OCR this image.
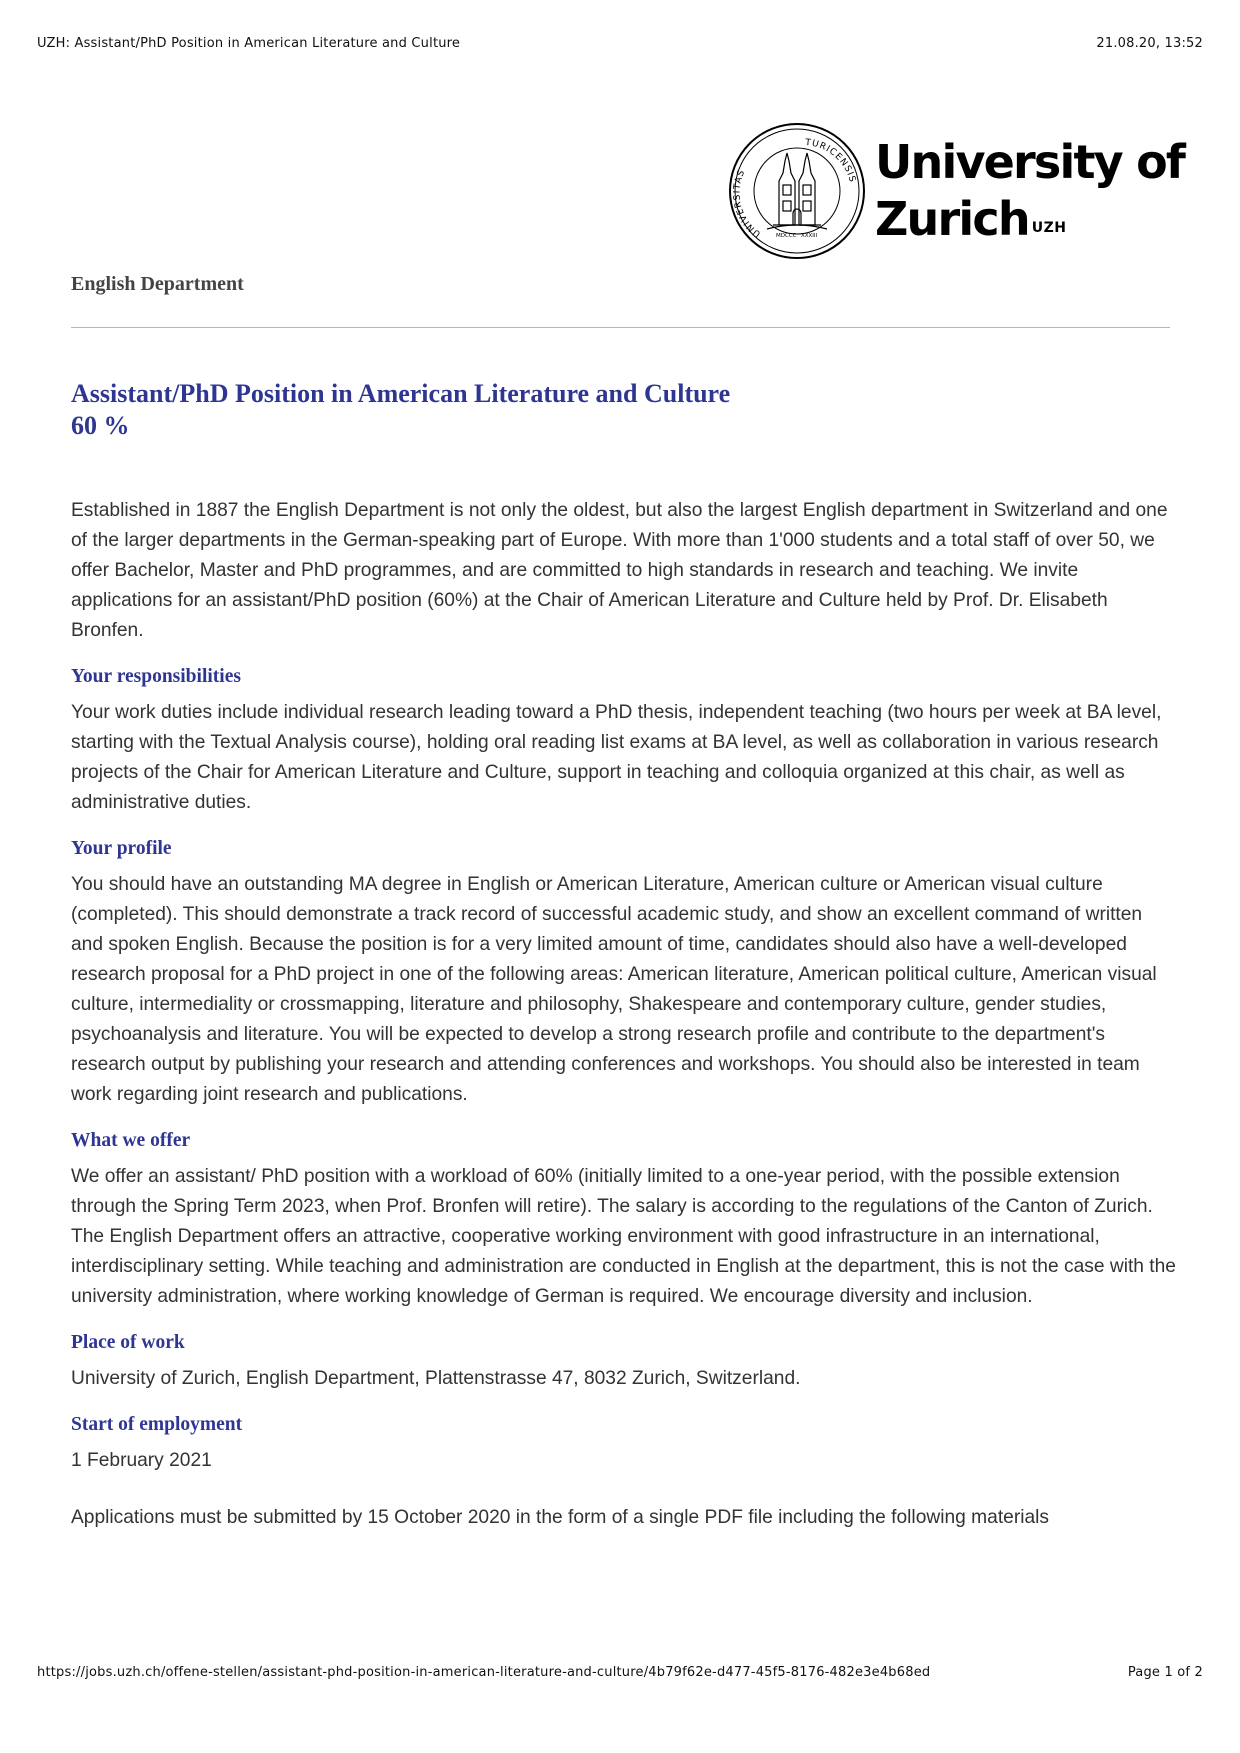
UZH: Assistant/PhD Position in American Literature and Culture	21.08.20, 13:52
UNIVERSITAS
TURICENSIS
MDCCC XXXIII
University of
Zurich $^{UZH}$
English Department
Assistant/PhD Position in American Literature and Culture
60 %

Established in 1887 the English Department is not only the oldest, but also the largest English department in Switzerland and one of the larger departments in the German-speaking part of Europe. With more than 1'000 students and a total staff of over 50, we offer Bachelor, Master and PhD programmes, and are committed to high standards in research and teaching. We invite applications for an assistant/PhD position (60%) at the Chair of American Literature and Culture held by Prof. Dr. Elisabeth Bronfen.

Your responsibilities

Your work duties include individual research leading toward a PhD thesis, independent teaching (two hours per week at BA level, starting with the Textual Analysis course), holding oral reading list exams at BA level, as well as collaboration in various research projects of the Chair for American Literature and Culture, support in teaching and colloquia organized at this chair, as well as administrative duties.

Your profile

You should have an outstanding MA degree in English or American Literature, American culture or American visual culture (completed). This should demonstrate a track record of successful academic study, and show an excellent command of written and spoken English. Because the position is for a very limited amount of time, candidates should also have a well-developed research proposal for a PhD project in one of the following areas: American literature, American political culture, American visual culture, intermediality or crossmapping, literature and philosophy, Shakespeare and contemporary culture, gender studies, psychoanalysis and literature. You will be expected to develop a strong research profile and contribute to the department's research output by publishing your research and attending conferences and workshops. You should also be interested in team work regarding joint research and publications.

What we offer

We offer an assistant/ PhD position with a workload of 60% (initially limited to a one-year period, with the possible extension through the Spring Term 2023, when Prof. Bronfen will retire). The salary is according to the regulations of the Canton of Zurich. The English Department offers an attractive, cooperative working environment with good infrastructure in an international, interdisciplinary setting. While teaching and administration are conducted in English at the department, this is not the case with the university administration, where working knowledge of German is required. We encourage diversity and inclusion.

Place of work

University of Zurich, English Department, Plattenstrasse 47, 8032 Zurich, Switzerland.

Start of employment

1 February 2021

Applications must be submitted by 15 October 2020 in the form of a single PDF file including the following materials

https://jobs.uzh.ch/offene-stellen/assistant-phd-position-in-american-literature-and-culture/4b79f62e-d477-45f5-8176-482e3e4b68ed	Page 1 of 2
